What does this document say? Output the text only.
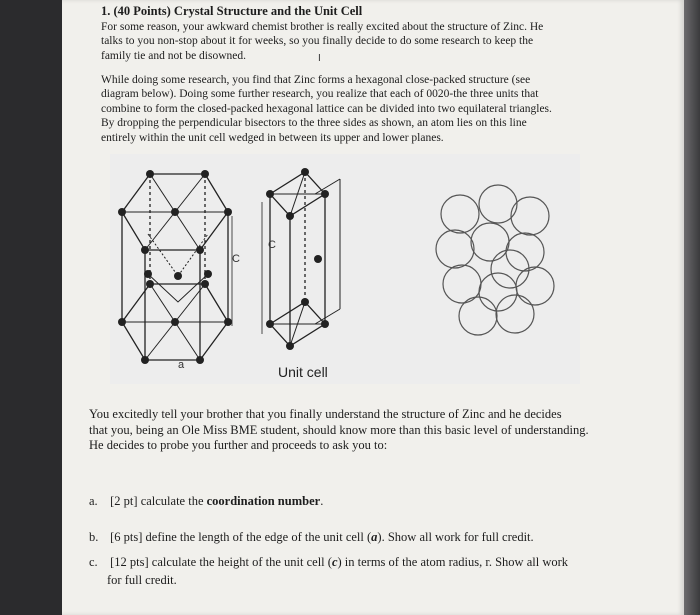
1. (40 Points) Crystal Structure and the Unit Cell

For some reason, your awkward chemist brother is really excited about the structure of Zinc. He
talks to you non-stop about it for weeks, so you finally decide to do some research to keep the
family tie and not be disowned.	I

While doing some research, you find that Zinc forms a hexagonal close-packed structure (see
diagram below). Doing some further research, you realize that each of 0020-the three units that
combine to form the closed-packed hexagonal lattice can be divided into two equilateral triangles.
By dropping the perpendicular bisectors to the three sides as shown, an atom lies on this line
entirely within the unit cell wedged in between its upper and lower planes.

C
C
a	Unit cell

You excitedly tell your brother that you finally understand the structure of Zinc and he decides
that you, being an Ole Miss BME student, should know more than this basic level of understanding.
He decides to probe you further and proceeds to ask you to:

a. [2 pt] calculate the coordination number.

b. [6 pts] define the length of the edge of the unit cell (a). Show all work for full credit.

c. [12 pts] calculate the height of the unit cell (c) in terms of the atom radius, r. Show all work
for full credit.
